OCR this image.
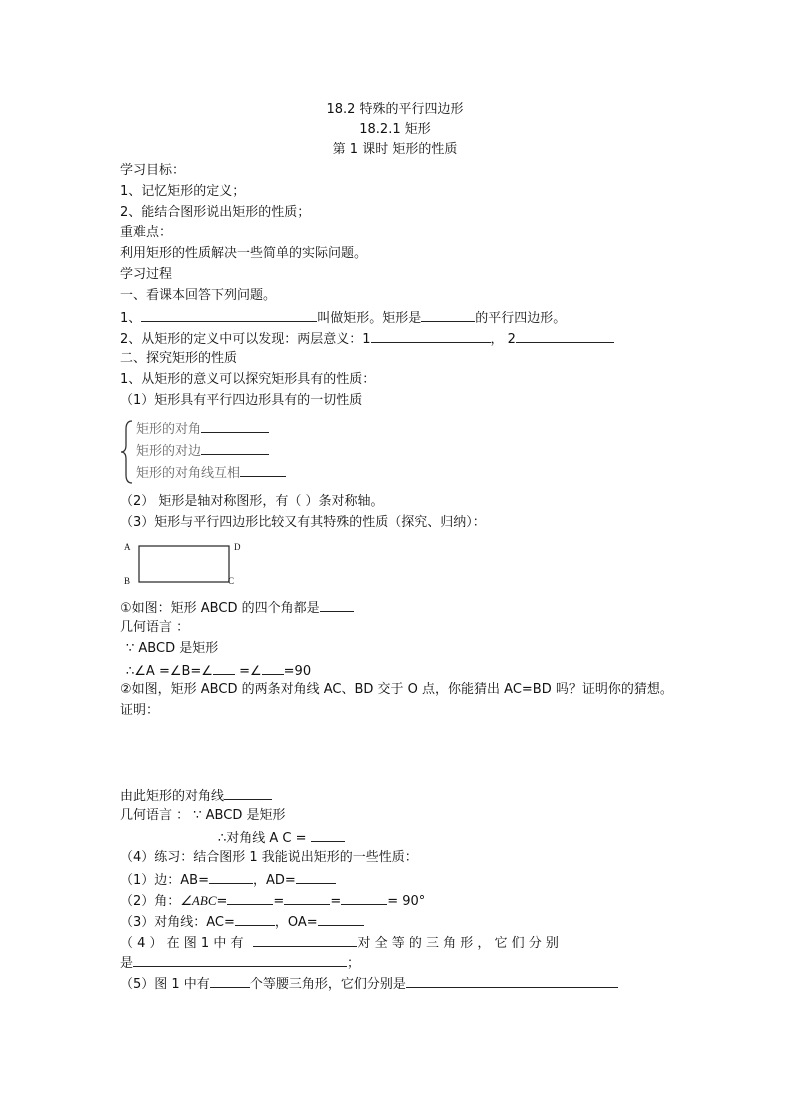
18.2 特殊的平行四边形
18.2.1 矩形
第 1 课时 矩形的性质
学习目标：
1、记忆矩形的定义；
2、能结合图形说出矩形的性质；
重难点：
利用矩形的性质解决一些简单的实际问题。
学习过程
一、看课本回答下列问题。
1、	叫做矩形。矩形是	的平行四边形。
2、从矩形的定义中可以发现：两层意义：1	， 2
二、探究矩形的性质
1、从矩形的意义可以探究矩形具有的性质：
（1）矩形具有平行四边形具有的一切性质
矩形的对角
矩形的对边
矩形的对角线互相
（2） 矩形是轴对称图形，有（ ）条对称轴。
（3）矩形与平行四边形比较又有其特殊的性质（探究、归纳）：
A	D
B	C
①如图：矩形 ABCD 的四个角都是
几何语言 ：
∵ ABCD 是矩形
∴∠A =∠B=∠ =∠ =90
②如图，矩形 ABCD 的两条对角线 AC、BD 交于 O 点，你能猜出 AC=BD 吗？证明你的猜想。
证明：
由此矩形的对角线
几何语言 ： ∵ ABCD 是矩形
∴对角线 A C =
（4）练习：结合图形 1 我能说出矩形的一些性质：
（1）边：AB=	，AD=
（2）角：∠ABC=	=	=	= 90°
（3）对角线：AC=	，OA=
（ 4 ） 在 图 1 中 有	对 全 等 的 三 角 形 ， 它 们 分 别
是	；
（5）图 1 中有	个等腰三角形，它们分别是
